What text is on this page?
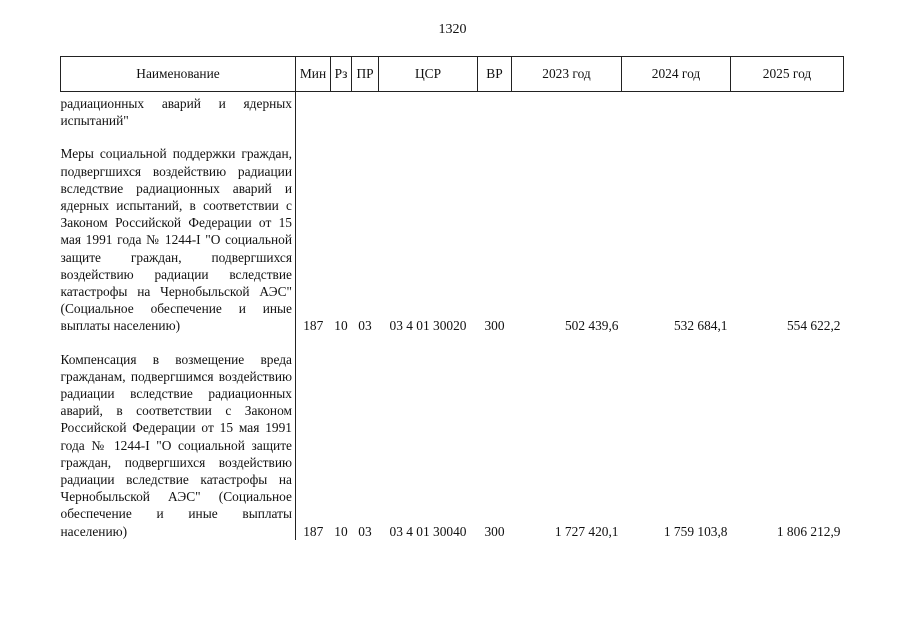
1320
Наименование	Мин	Рз	ПР	ЦСР	ВР	2023 год	2024 год	2025 год
радиационных аварий и ядерных испытаний"								
Меры социальной поддержки граждан, подвергшихся воздействию радиации вследствие радиационных аварий и ядерных испытаний, в соответствии с Законом Российской Федерации от 15 мая 1991 года № 1244-I "О социальной защите граждан, подвергшихся воздействию радиации вследствие катастрофы на Чернобыльской АЭС" (Социальное обеспечение и иные выплаты населению)	187	10	03	03 4 01 30020	300	502 439,6	532 684,1	554 622,2
Компенсация в возмещение вреда гражданам, подвергшимся воздействию радиации вследствие радиационных аварий, в соответствии с Законом Российской Федерации от 15 мая 1991 года № 1244-I "О социальной защите граждан, подвергшихся воздействию радиации вследствие катастрофы на Чернобыльской АЭС" (Социальное обеспечение и иные выплаты населению)	187	10	03	03 4 01 30040	300	1 727 420,1	1 759 103,8	1 806 212,9
